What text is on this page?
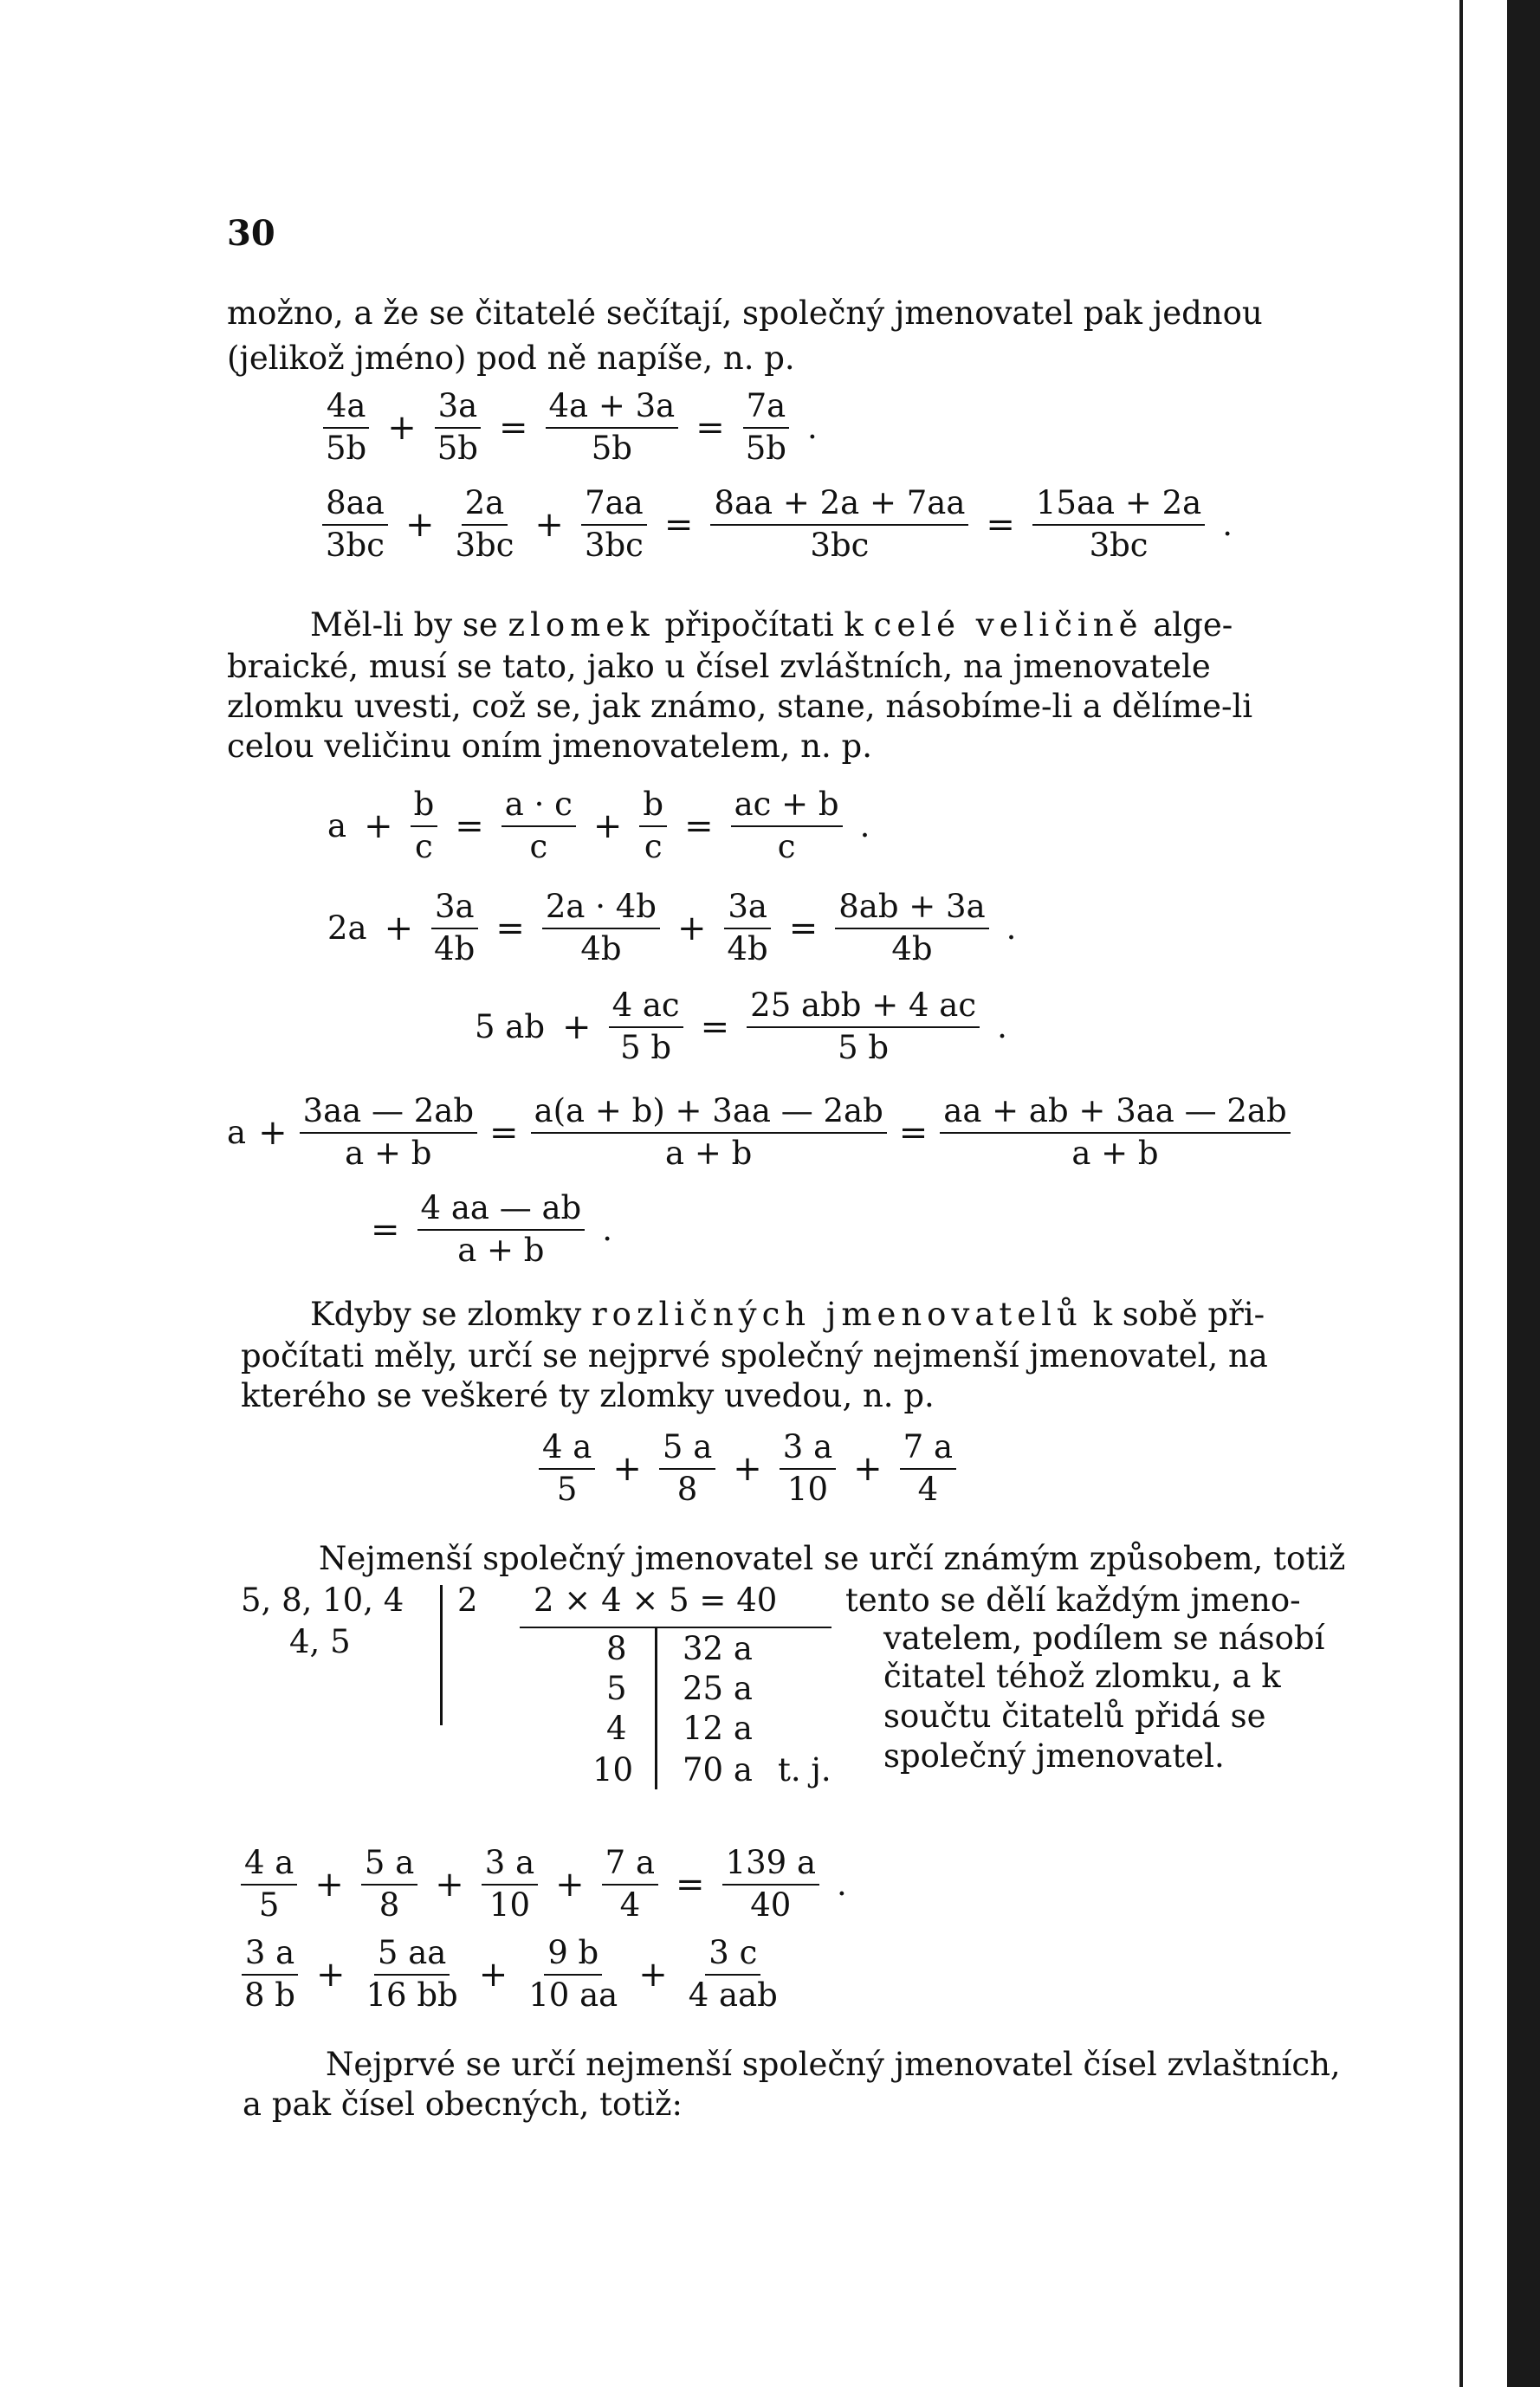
30
možno, a že se čitatelé sečítají, společný jmenovatel pak jednou
(jelikož jméno) pod ně napíše, n. p.
$\frac{4a}{5b} + \frac{3a}{5b} = \frac{4a + 3a}{5b} = \frac{7a}{5b}$ .
$\frac{8aa}{3bc} + \frac{2a}{3bc} + \frac{7aa}{3bc} = \frac{8aa + 2a + 7aa}{3bc} = \frac{15aa + 2a}{3bc}$ .
Měl-li by se zlomek připočítati k celé veličině alge-
braické, musí se tato, jako u čísel zvláštních, na jmenovatele
zlomku uvesti, což se, jak známo, stane, násobíme-li a dělíme-li
celou veličinu oním jmenovatelem, n. p.
$a + \frac{b}{c} = \frac{a \cdot c}{c} + \frac{b}{c} = \frac{ac + b}{c}$ .
$2a + \frac{3a}{4b} = \frac{2a \cdot 4b}{4b} + \frac{3a}{4b} = \frac{8ab + 3a}{4b}$ .
5 ab + $\frac{4 ac}{5 b} = \frac{\text{25 abb + 4 ac}}{5 b}$ .
$a + \frac{3aa — 2ab}{a + b} = \frac{a(a + b) + 3aa — 2ab}{a + b} = \frac{aa + ab + 3aa — 2ab}{a + b}$
= $\frac{4 aa — ab}{a + b}$ .
Kdyby se zlomky rozličných jmenovatelů k sobě při-
počítati měly, určí se nejprvé společný nejmenší jmenovatel, na
kterého se veškeré ty zlomky uvedou, n. p.
$\frac{4 a}{5} + \frac{5 a}{8} + \frac{3 a}{10} + \frac{7 a}{4}$
Nejmenší společný jmenovatel se určí známým způsobem, totiž
5, 8, 10, 4
4, 5
2 2 × 4 × 5 = 40
8
5
4
10
32 a
25 a
12 a
70 a t. j.
tento se dělí každým jmeno-
vatelem, podílem se násobí
čitatel téhož zlomku, a k
součtu čitatelů přidá se
společný jmenovatel.
$\frac{4 a}{5} + \frac{5 a}{8} + \frac{3 a}{10} + \frac{7 a}{4} = \frac{139 a}{40}$ .
$\frac{3 a}{8 b} + \frac{5 aa}{16 bb} + \frac{9 b}{10 aa} + \frac{3 c}{\text{4 aab}}$
Nejprvé se určí nejmenší společný jmenovatel čísel zvlaštních,
a pak čísel obecných, totiž:
